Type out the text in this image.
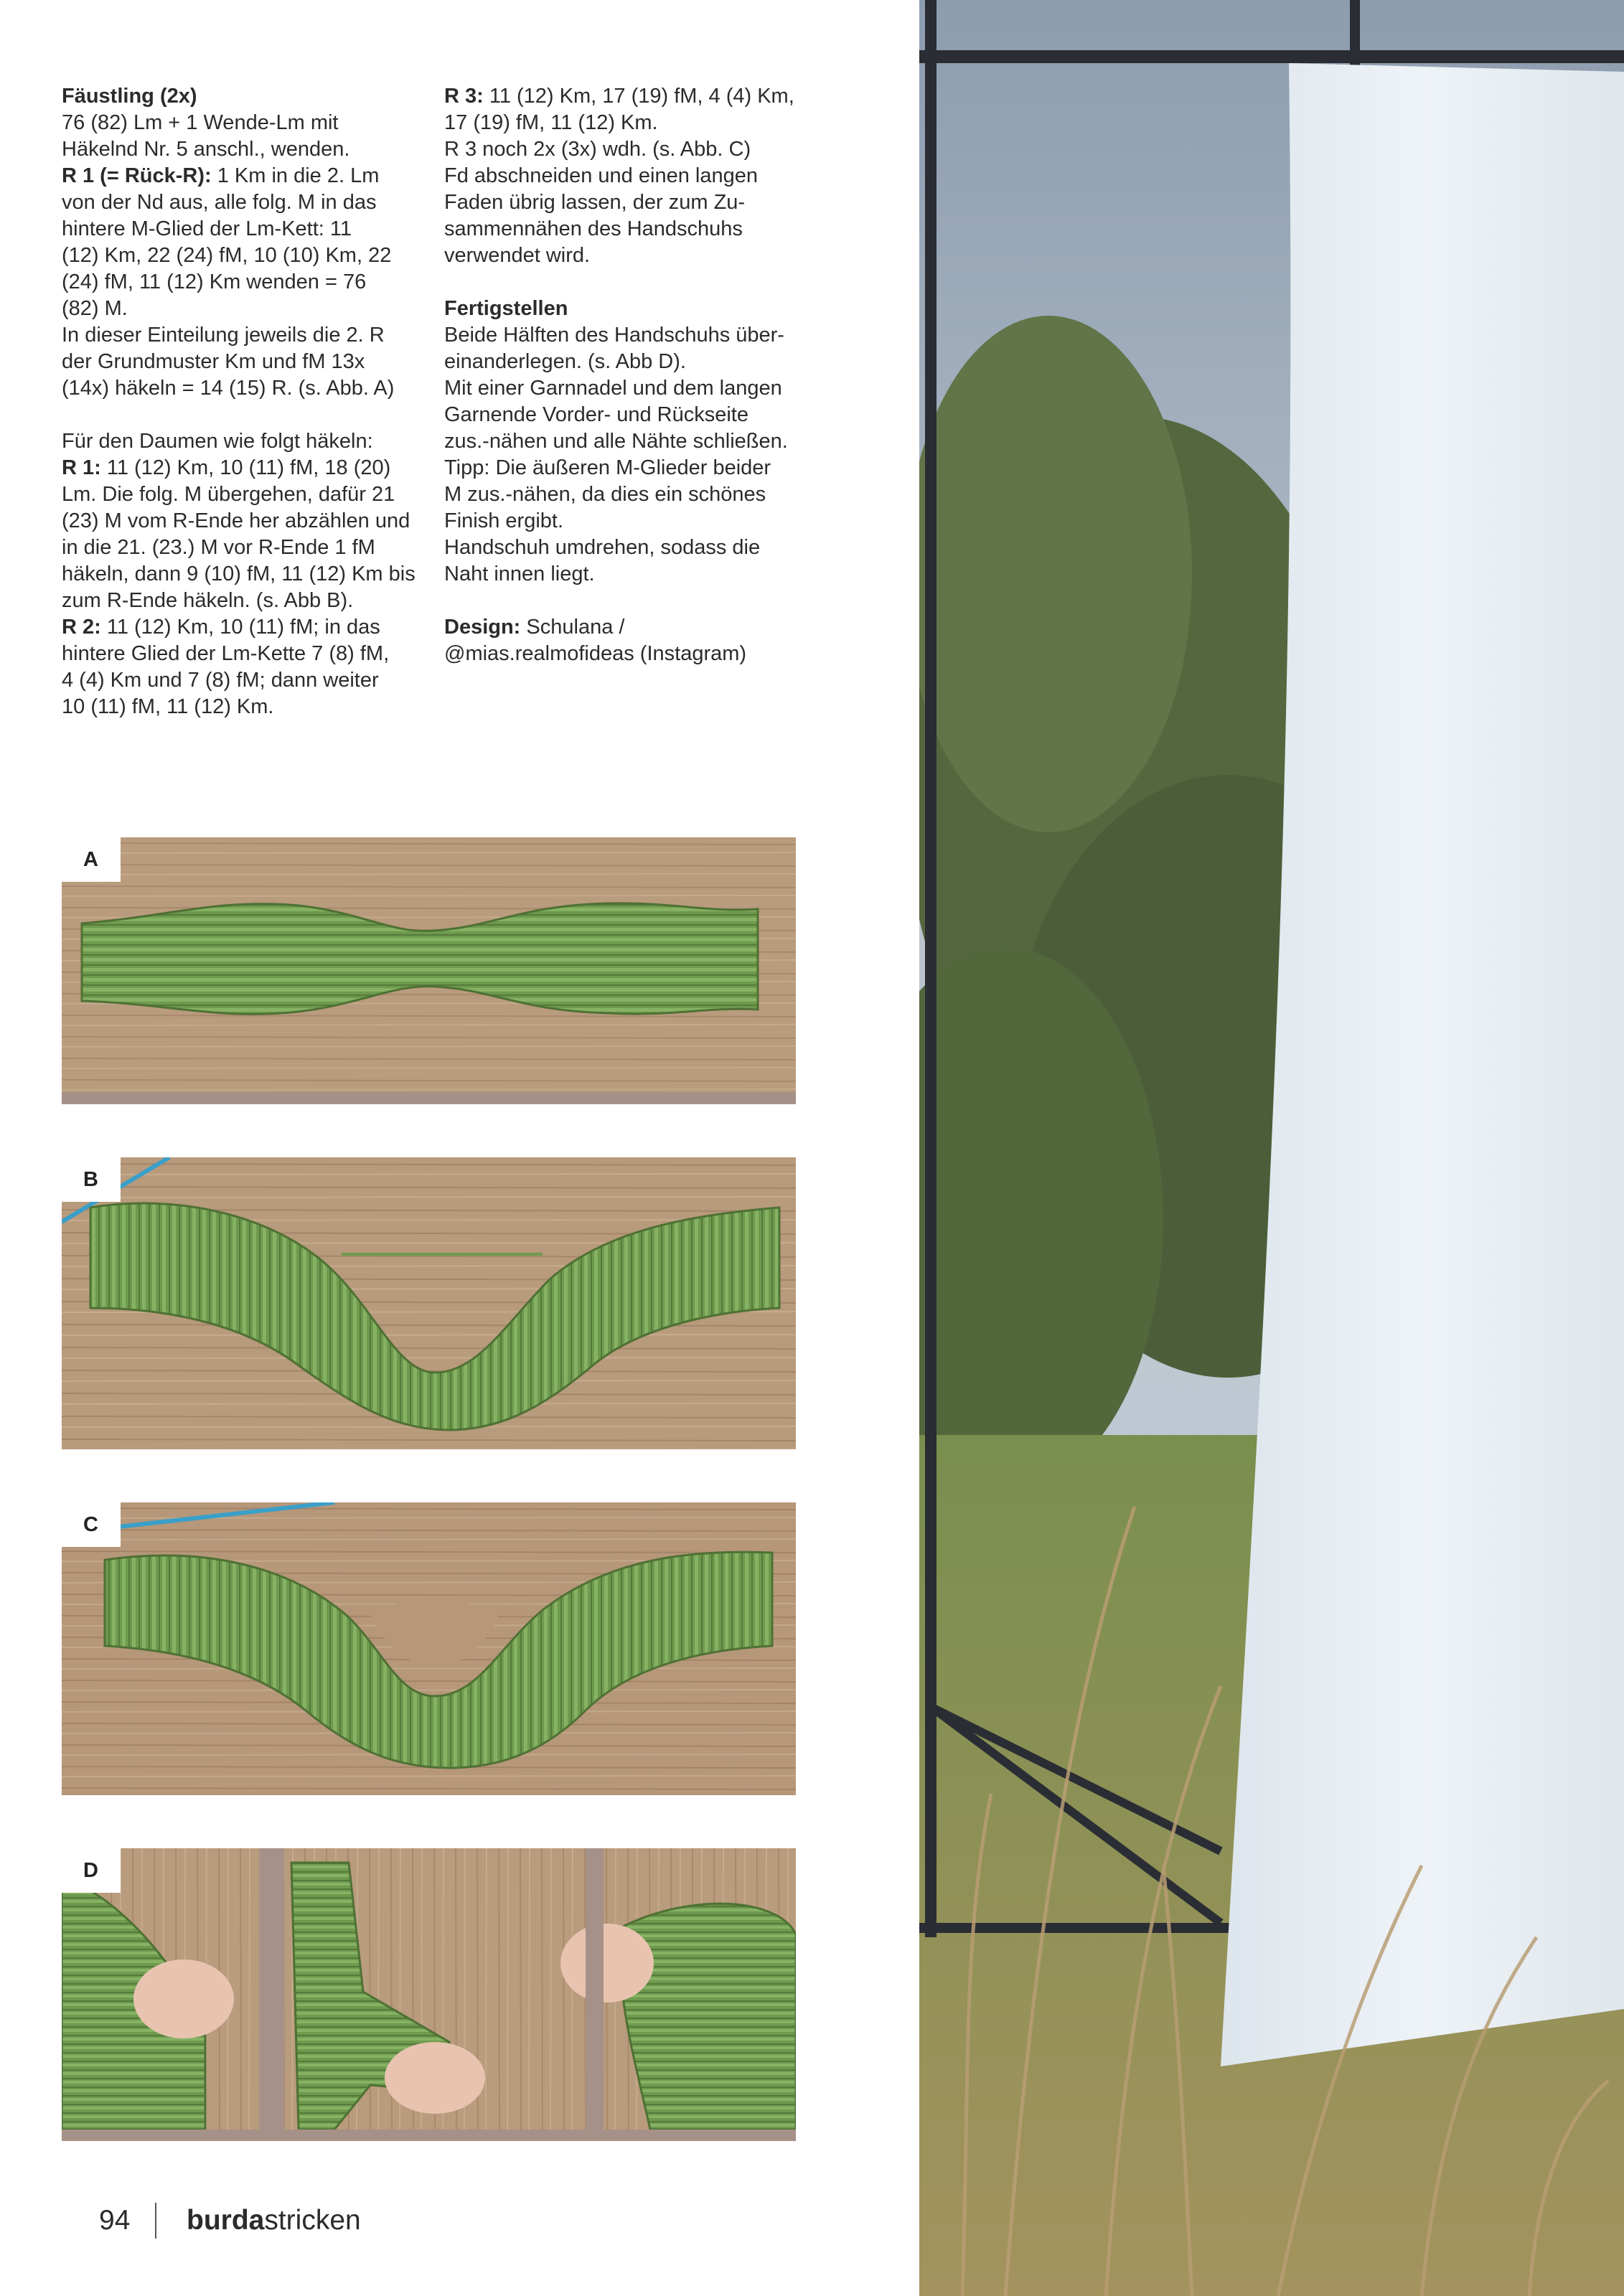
Fäustling (2x)

76 (82) Lm + 1 Wende-Lm mit

Häkelnd Nr. 5 anschl., wenden.

R 1 (= Rück-R): 1 Km in die 2. Lm

von der Nd aus, alle folg. M in das

hintere M-Glied der Lm-Kett: 11

(12) Km, 22 (24) fM, 10 (10) Km, 22

(24) fM, 11 (12) Km wenden = 76

(82) M.

In dieser Einteilung jeweils die 2. R

der Grundmuster Km und fM 13x

(14x) häkeln = 14 (15) R. (s. Abb. A)

Für den Daumen wie folgt häkeln:

R 1: 11 (12) Km, 10 (11) fM, 18 (20)

Lm. Die folg. M übergehen, dafür 21

(23) M vom R-Ende her abzählen und

in die 21. (23.) M vor R-Ende 1 fM

häkeln, dann 9 (10) fM, 11 (12) Km bis

zum R-Ende häkeln. (s. Abb B).

R 2: 11 (12) Km, 10 (11) fM; in das

hintere Glied der Lm-Kette 7 (8) fM,

4 (4) Km und 7 (8) fM; dann weiter

10 (11) fM, 11 (12) Km.

R 3: 11 (12) Km, 17 (19) fM, 4 (4) Km,

17 (19) fM, 11 (12) Km.

R 3 noch 2x (3x) wdh. (s. Abb. C)

Fd abschneiden und einen langen

Faden übrig lassen, der zum Zu-

sammennähen des Handschuhs

verwendet wird.

Fertigstellen

Beide Hälften des Handschuhs über-

einanderlegen. (s. Abb D).

Mit einer Garnnadel und dem langen

Garnende Vorder- und Rückseite

zus.-nähen und alle Nähte schließen.

Tipp: Die äußeren M-Glieder beider

M zus.-nähen, da dies ein schönes

Finish ergibt.

Handschuh umdrehen, sodass die

Naht innen liegt.

Design: Schulana /

@mias.realmofideas (Instagram)

A
B
C
D
94 burdastricken
